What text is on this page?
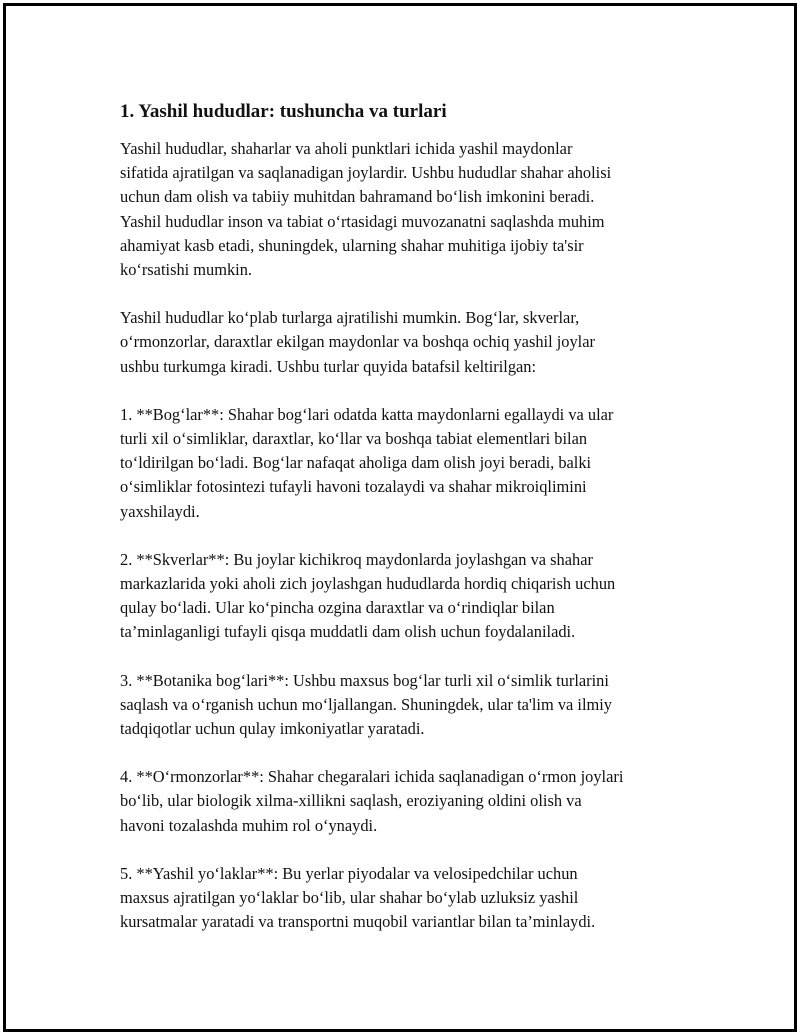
1. Yashil hududlar: tushuncha va turlari

Yashil hududlar, shaharlar va aholi punktlari ichida yashil maydonlar
sifatida ajratilgan va saqlanadigan joylardir. Ushbu hududlar shahar aholisi
uchun dam olish va tabiiy muhitdan bahramand bo‘lish imkonini beradi.
Yashil hududlar inson va tabiat o‘rtasidagi muvozanatni saqlashda muhim
ahamiyat kasb etadi, shuningdek, ularning shahar muhitiga ijobiy ta'sir
ko‘rsatishi mumkin.

Yashil hududlar ko‘plab turlarga ajratilishi mumkin. Bog‘lar, skverlar,
o‘rmonzorlar, daraxtlar ekilgan maydonlar va boshqa ochiq yashil joylar
ushbu turkumga kiradi. Ushbu turlar quyida batafsil keltirilgan:

1. **Bog‘lar**: Shahar bog‘lari odatda katta maydonlarni egallaydi va ular
turli xil o‘simliklar, daraxtlar, ko‘llar va boshqa tabiat elementlari bilan
to‘ldirilgan bo‘ladi. Bog‘lar nafaqat aholiga dam olish joyi beradi, balki
o‘simliklar fotosintezi tufayli havoni tozalaydi va shahar mikroiqlimini
yaxshilaydi.

2. **Skverlar**: Bu joylar kichikroq maydonlarda joylashgan va shahar
markazlarida yoki aholi zich joylashgan hududlarda hordiq chiqarish uchun
qulay bo‘ladi. Ular ko‘pincha ozgina daraxtlar va o‘rindiqlar bilan
ta’minlaganligi tufayli qisqa muddatli dam olish uchun foydalaniladi.

3. **Botanika bog‘lari**: Ushbu maxsus bog‘lar turli xil o‘simlik turlarini
saqlash va o‘rganish uchun mo‘ljallangan. Shuningdek, ular ta'lim va ilmiy
tadqiqotlar uchun qulay imkoniyatlar yaratadi.

4. **O‘rmonzorlar**: Shahar chegaralari ichida saqlanadigan o‘rmon joylari
bo‘lib, ular biologik xilma-xillikni saqlash, eroziyaning oldini olish va
havoni tozalashda muhim rol o‘ynaydi.

5. **Yashil yo‘laklar**: Bu yerlar piyodalar va velosipedchilar uchun
maxsus ajratilgan yo‘laklar bo‘lib, ular shahar bo‘ylab uzluksiz yashil
kursatmalar yaratadi va transportni muqobil variantlar bilan ta’minlaydi.
